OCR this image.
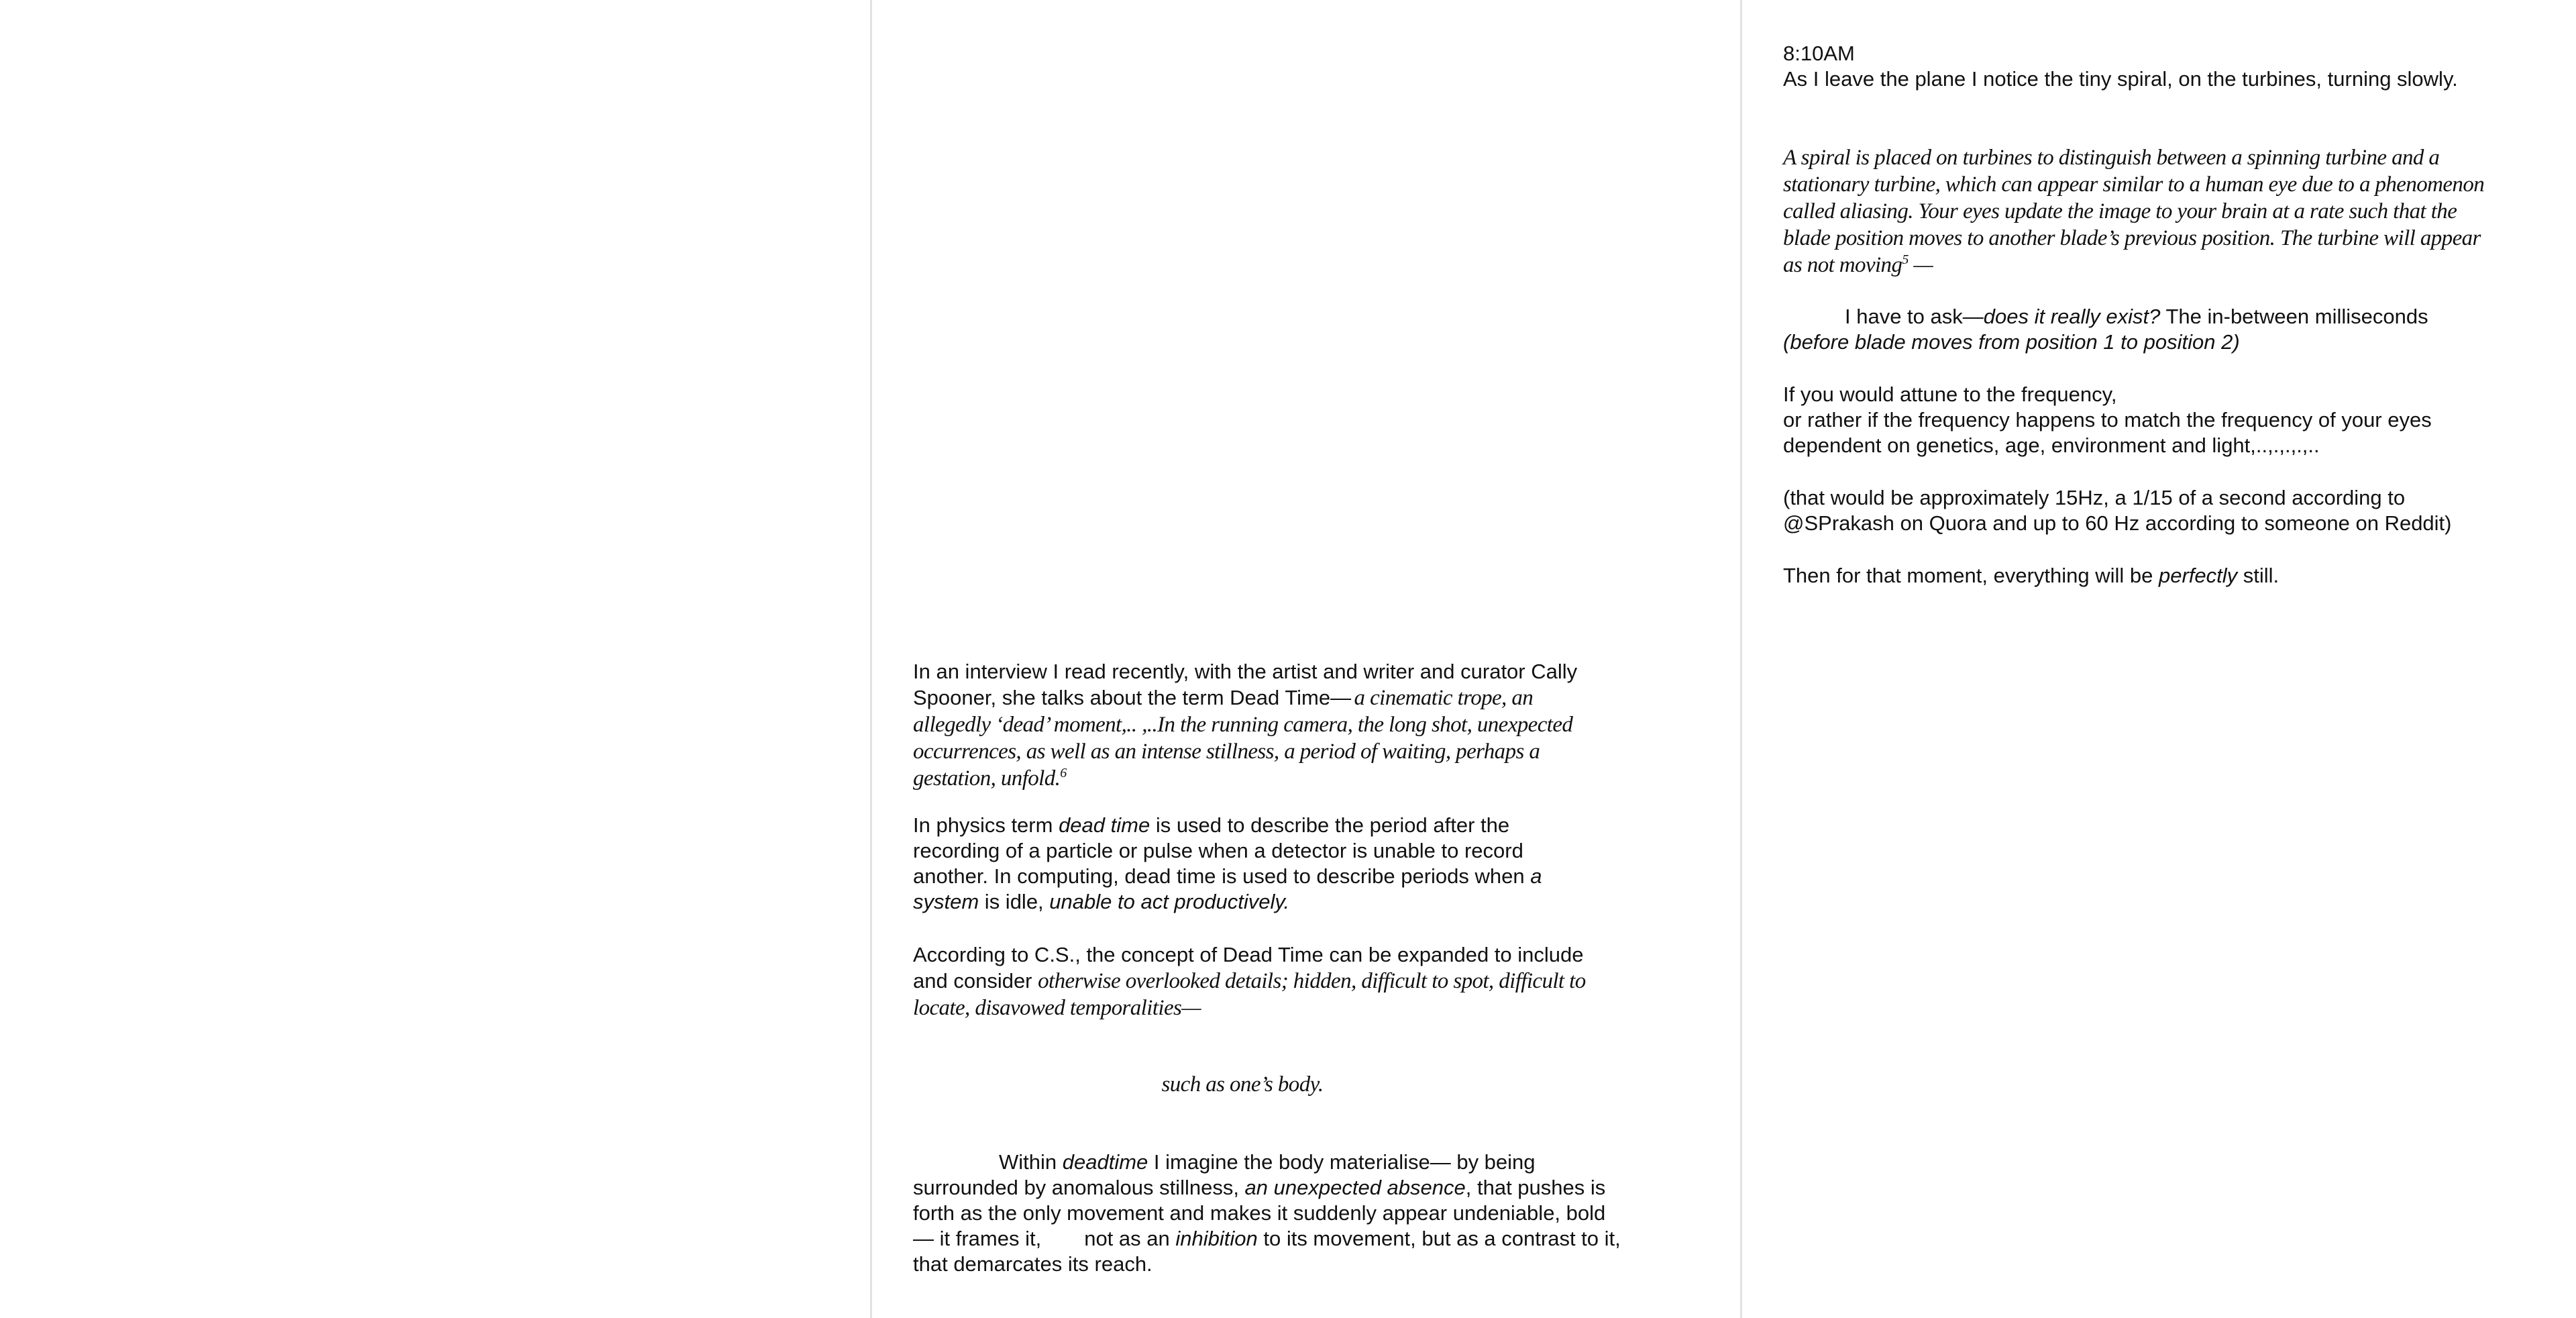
In an interview I read recently, with the artist and writer and curator Cally Spooner, she talks about the term Dead Time— a cinematic trope, an allegedly ‘dead’ moment,.. ,..In the running camera, the long shot, unexpected occurrences, as well as an intense stillness, a period of waiting, perhaps a gestation, unfold.6

In physics term dead time is used to describe the period after the recording of a particle or pulse when a detector is unable to record another. In computing, dead time is used to describe periods when a system is idle, unable to act productively.

According to C.S., the concept of Dead Time can be expanded to include and consider otherwise overlooked details; hidden, difficult to spot, difficult to locate, disavowed temporalities—

such as one’s body.

Within deadtime I imagine the body materialise— by being surrounded by anomalous stillness, an unexpected absence, that pushes is forth as the only movement and makes it suddenly appear undeniable, bold— it frames it, not as an inhibition to its movement, but as a contrast to it, that demarcates its reach.

8:10AM

As I leave the plane I notice the tiny spiral, on the turbines, turning slowly.

A spiral is placed on turbines to distinguish between a spinning turbine and a stationary turbine, which can appear similar to a human eye due to a phenomenon called aliasing. Your eyes update the image to your brain at a rate such that the blade position moves to another blade’s previous position. The turbine will appear as not moving$^5$ —

I have to ask—does it really exist? The in-between milliseconds
(before blade moves from position 1 to position 2)

If you would attune to the frequency,
or rather if the frequency happens to match the frequency of your eyes dependent on genetics, age, environment and light,..,.,.,.,..

(that would be approximately 15Hz, a 1/15 of a second according to @SPrakash on Quora and up to 60 Hz according to someone on Reddit)

Then for that moment, everything will be perfectly still.
